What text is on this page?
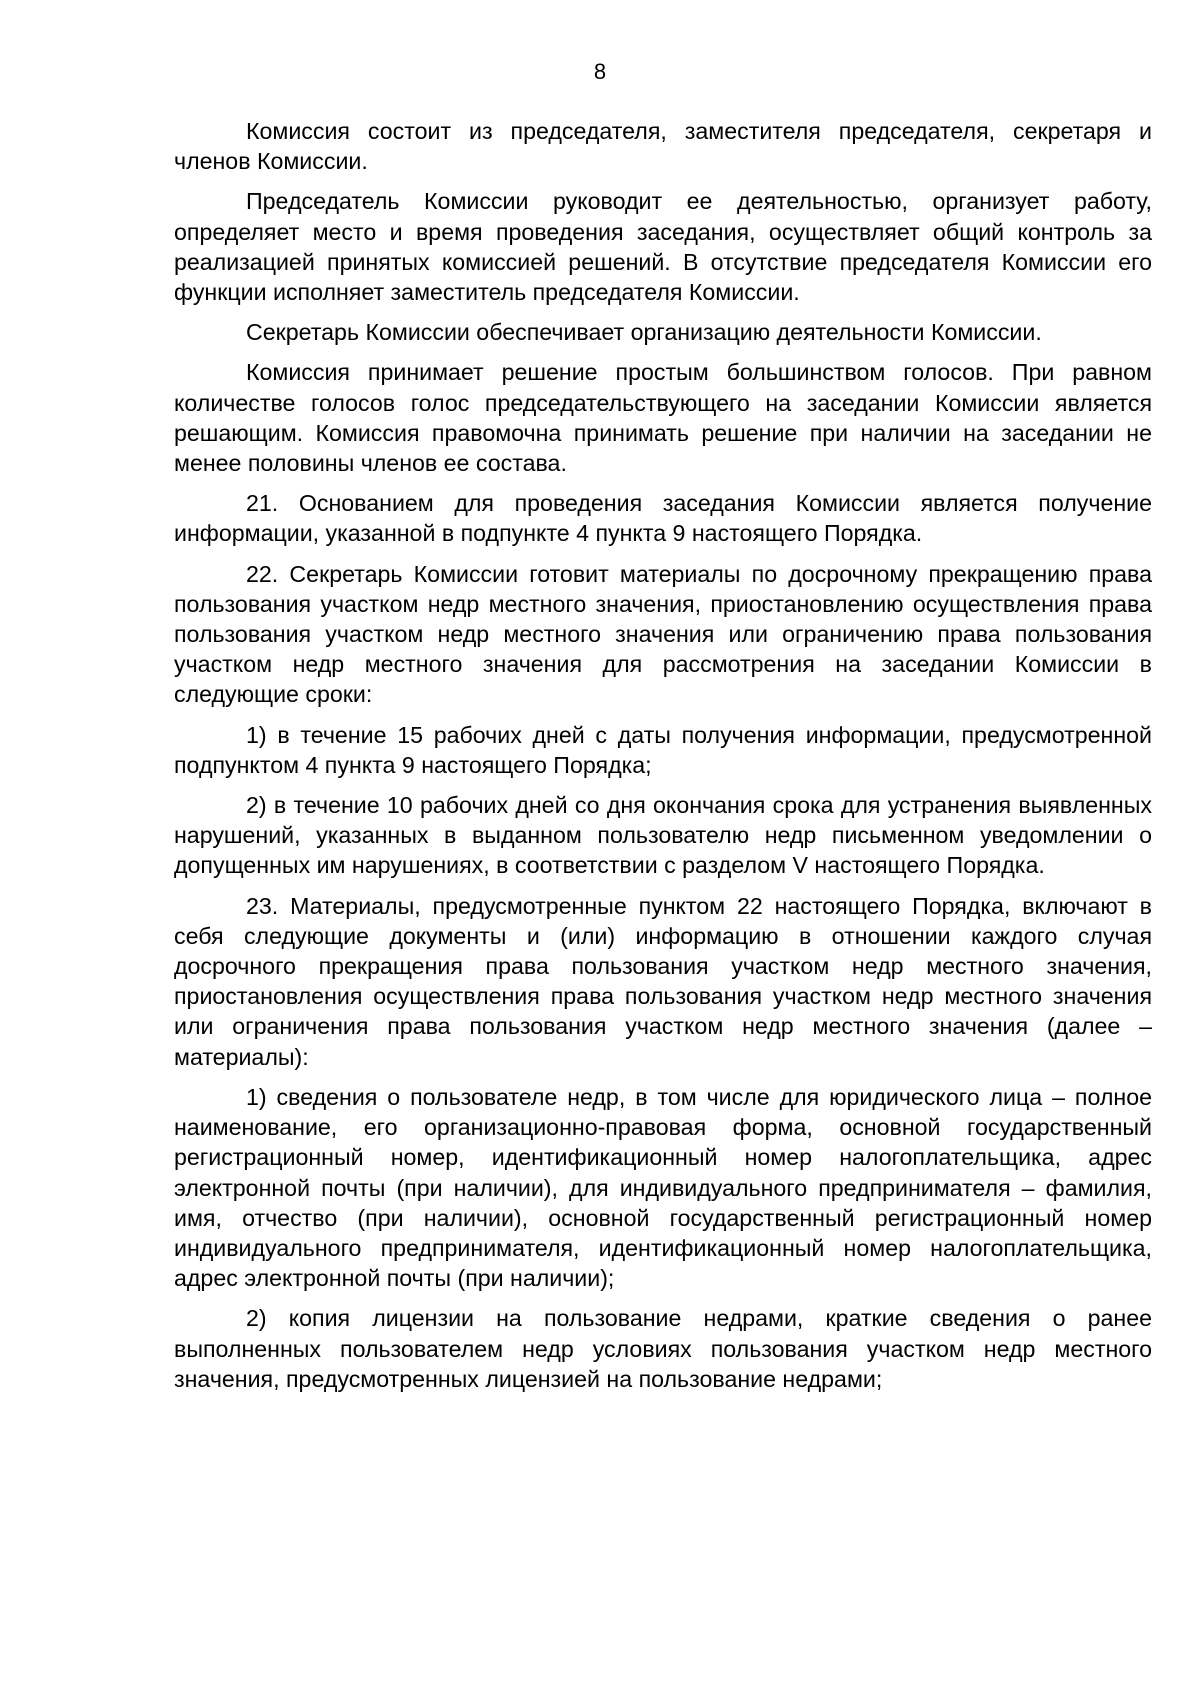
8

Комиссия состоит из председателя, заместителя председателя, секретаря и членов Комиссии.

Председатель Комиссии руководит ее деятельностью, организует работу, определяет место и время проведения заседания, осуществляет общий контроль за реализацией принятых комиссией решений. В отсутствие председателя Комиссии его функции исполняет заместитель председателя Комиссии.

Секретарь Комиссии обеспечивает организацию деятельности Комиссии.

Комиссия принимает решение простым большинством голосов. При равном количестве голосов голос председательствующего на заседании Комиссии является решающим. Комиссия правомочна принимать решение при наличии на заседании не менее половины членов ее состава.

21. Основанием для проведения заседания Комиссии является получение информации, указанной в подпункте 4 пункта 9 настоящего Порядка.

22. Секретарь Комиссии готовит материалы по досрочному прекращению права пользования участком недр местного значения, приостановлению осуществления права пользования участком недр местного значения или ограничению права пользования участком недр местного значения для рассмотрения на заседании Комиссии в следующие сроки:

1) в течение 15 рабочих дней с даты получения информации, предусмотренной подпунктом 4 пункта 9 настоящего Порядка;

2) в течение 10 рабочих дней со дня окончания срока для устранения выявленных нарушений, указанных в выданном пользователю недр письменном уведомлении о допущенных им нарушениях, в соответствии с разделом V настоящего Порядка.

23. Материалы, предусмотренные пунктом 22 настоящего Порядка, включают в себя следующие документы и (или) информацию в отношении каждого случая досрочного прекращения права пользования участком недр местного значения, приостановления осуществления права пользования участком недр местного значения или ограничения права пользования участком недр местного значения (далее – материалы):

1) сведения о пользователе недр, в том числе для юридического лица – полное наименование, его организационно-правовая форма, основной государственный регистрационный номер, идентификационный номер налогоплательщика, адрес электронной почты (при наличии), для индивидуального предпринимателя – фамилия, имя, отчество (при наличии), основной государственный регистрационный номер индивидуального предпринимателя, идентификационный номер налогоплательщика, адрес электронной почты (при наличии);

2) копия лицензии на пользование недрами, краткие сведения о ранее выполненных пользователем недр условиях пользования участком недр местного значения, предусмотренных лицензией на пользование недрами;
